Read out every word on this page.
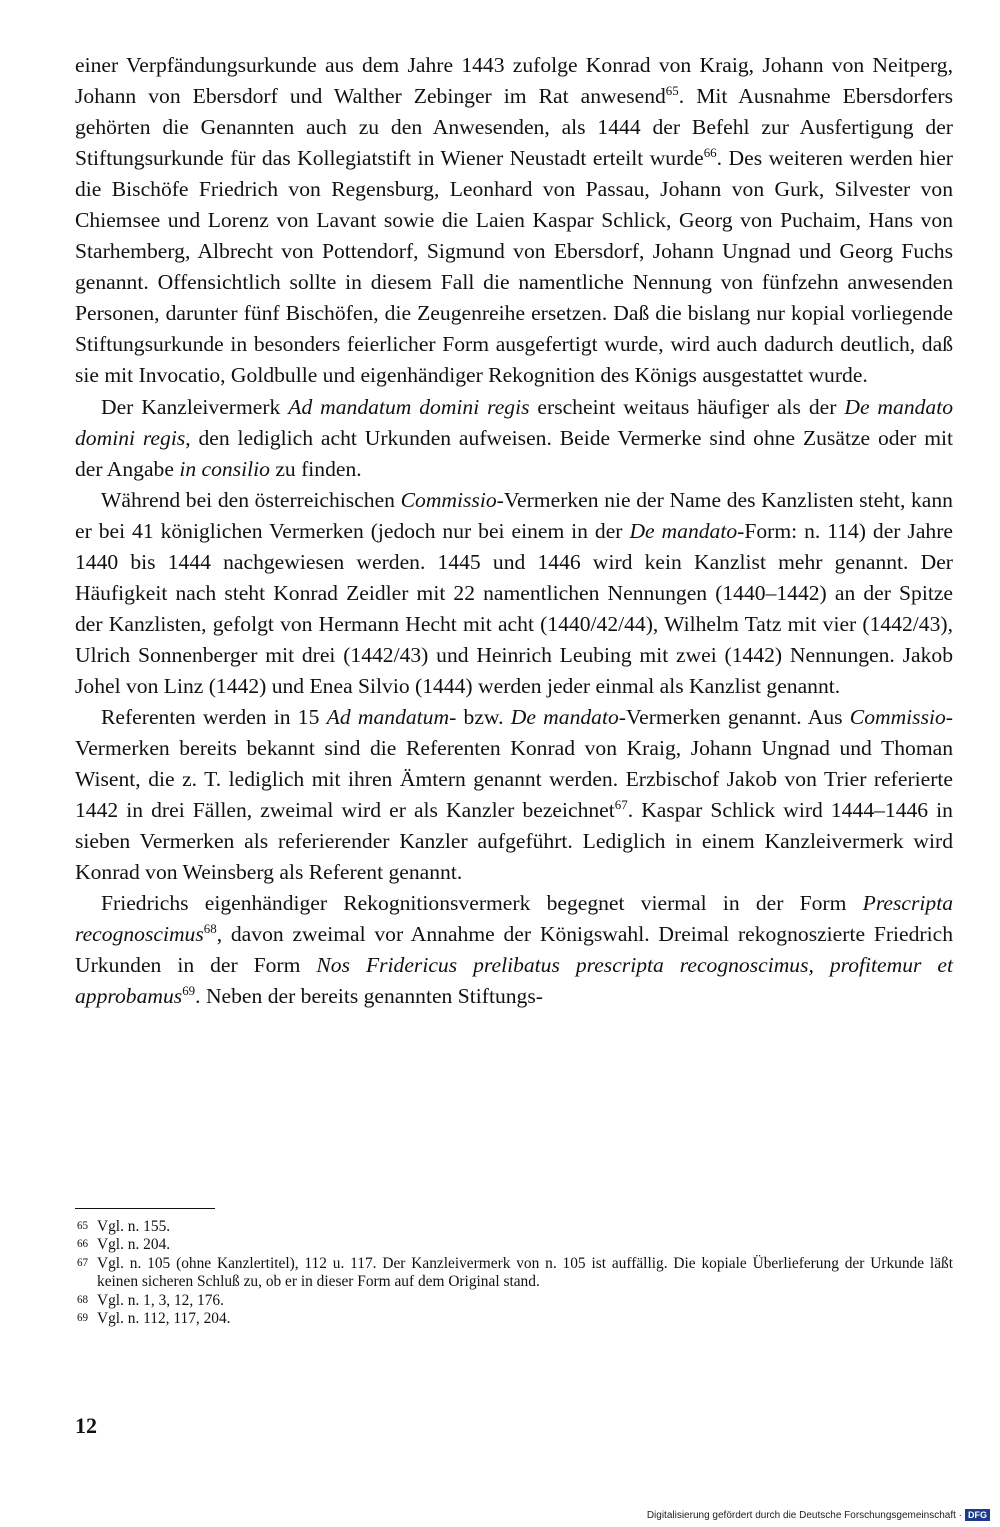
einer Verpfändungsurkunde aus dem Jahre 1443 zufolge Konrad von Kraig, Johann von Neitperg, Johann von Ebersdorf und Walther Zebinger im Rat anwesend$^{65}$. Mit Ausnahme Ebersdorfers gehörten die Genannten auch zu den Anwesenden, als 1444 der Befehl zur Ausfertigung der Stiftungsurkunde für das Kollegiatstift in Wiener Neustadt erteilt wurde$^{66}$. Des weiteren werden hier die Bischöfe Friedrich von Regensburg, Leonhard von Passau, Johann von Gurk, Silvester von Chiemsee und Lorenz von Lavant sowie die Laien Kaspar Schlick, Georg von Puchaim, Hans von Starhemberg, Albrecht von Pottendorf, Sigmund von Ebersdorf, Johann Ungnad und Georg Fuchs genannt. Offensichtlich sollte in diesem Fall die namentliche Nennung von fünfzehn anwesenden Personen, darunter fünf Bischöfen, die Zeugenreihe ersetzen. Daß die bislang nur kopial vorliegende Stiftungsurkunde in besonders feierlicher Form ausgefertigt wurde, wird auch dadurch deutlich, daß sie mit Invocatio, Goldbulle und eigenhändiger Rekognition des Königs ausgestattet wurde.

Der Kanzleivermerk Ad mandatum domini regis erscheint weitaus häufiger als der De mandato domini regis, den lediglich acht Urkunden aufweisen. Beide Vermerke sind ohne Zusätze oder mit der Angabe in consilio zu finden.

Während bei den österreichischen Commissio-Vermerken nie der Name des Kanzlisten steht, kann er bei 41 königlichen Vermerken (jedoch nur bei einem in der De mandato-Form: n. 114) der Jahre 1440 bis 1444 nachgewiesen werden. 1445 und 1446 wird kein Kanzlist mehr genannt. Der Häufigkeit nach steht Konrad Zeidler mit 22 namentlichen Nennungen (1440–1442) an der Spitze der Kanzlisten, gefolgt von Hermann Hecht mit acht (1440/42/44), Wilhelm Tatz mit vier (1442/43), Ulrich Sonnenberger mit drei (1442/43) und Heinrich Leubing mit zwei (1442) Nennungen. Jakob Johel von Linz (1442) und Enea Silvio (1444) werden jeder einmal als Kanzlist genannt.

Referenten werden in 15 Ad mandatum- bzw. De mandato-Vermerken genannt. Aus Commissio-Vermerken bereits bekannt sind die Referenten Konrad von Kraig, Johann Ungnad und Thoman Wisent, die z. T. lediglich mit ihren Ämtern genannt werden. Erzbischof Jakob von Trier referierte 1442 in drei Fällen, zweimal wird er als Kanzler bezeichnet$^{67}$. Kaspar Schlick wird 1444–1446 in sieben Vermerken als referierender Kanzler aufgeführt. Lediglich in einem Kanzleivermerk wird Konrad von Weinsberg als Referent genannt.

Friedrichs eigenhändiger Rekognitionsvermerk begegnet viermal in der Form Prescripta recognoscimus$^{68}$, davon zweimal vor Annahme der Königswahl. Dreimal rekognoszierte Friedrich Urkunden in der Form Nos Fridericus prelibatus prescripta recognoscimus, profitemur et approbamus$^{69}$. Neben der bereits genannten Stiftungs-

65 Vgl. n. 155.
66 Vgl. n. 204.
67 Vgl. n. 105 (ohne Kanzlertitel), 112 u. 117. Der Kanzleivermerk von n. 105 ist auffällig. Die kopiale Überlieferung der Urkunde läßt keinen sicheren Schluß zu, ob er in dieser Form auf dem Original stand.
68 Vgl. n. 1, 3, 12, 176.
69 Vgl. n. 112, 117, 204.
12
Digitalisierung gefördert durch die Deutsche Forschungsgemeinschaft · DFG
